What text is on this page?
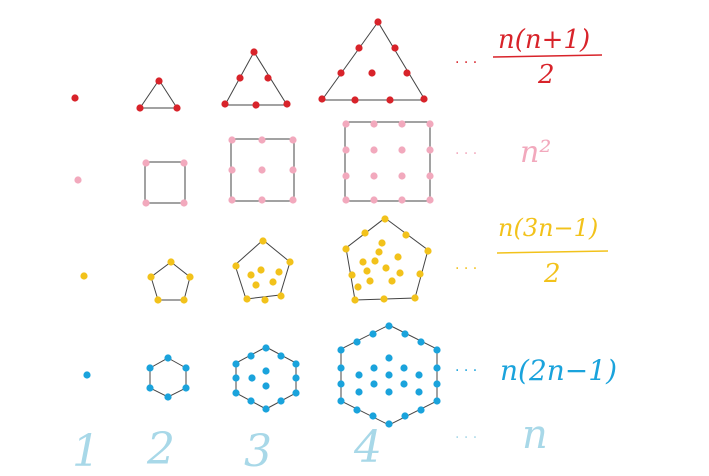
· · ·
n(n+1)
2
· · · n²
· · ·
n(3n−1)
2
· · · n(2n−1)
1 2 3 4	· · · n
